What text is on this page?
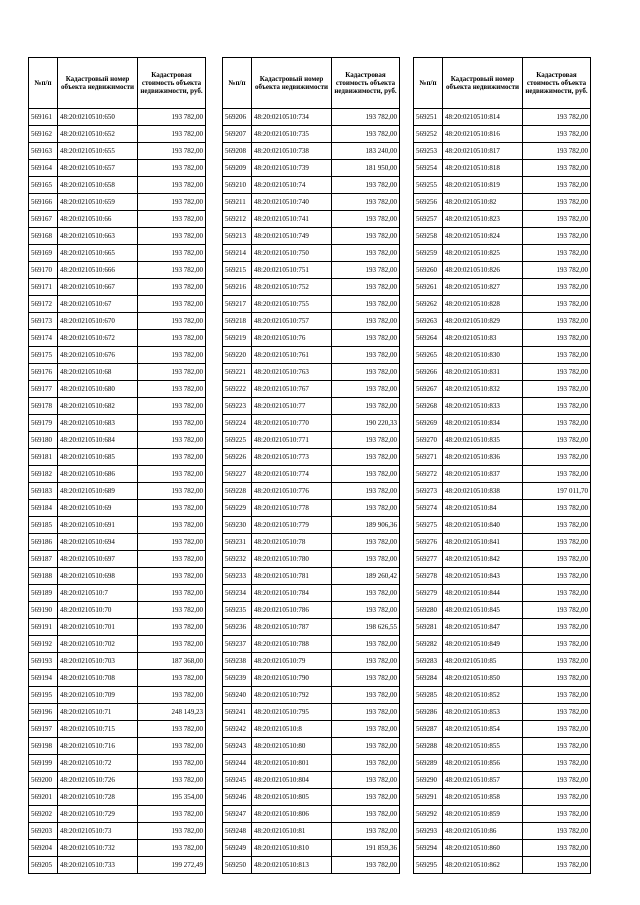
№п/п	Кадастровый номер объекта недвижимости	Кадастровая стоимость объекта недвижимости, руб.
569161	48:20:0210510:650	193 782,00
569162	48:20:0210510:652	193 782,00
569163	48:20:0210510:655	193 782,00
569164	48:20:0210510:657	193 782,00
569165	48:20:0210510:658	193 782,00
569166	48:20:0210510:659	193 782,00
569167	48:20:0210510:66	193 782,00
569168	48:20:0210510:663	193 782,00
569169	48:20:0210510:665	193 782,00
569170	48:20:0210510:666	193 782,00
569171	48:20:0210510:667	193 782,00
569172	48:20:0210510:67	193 782,00
569173	48:20:0210510:670	193 782,00
569174	48:20:0210510:672	193 782,00
569175	48:20:0210510:676	193 782,00
569176	48:20:0210510:68	193 782,00
569177	48:20:0210510:680	193 782,00
569178	48:20:0210510:682	193 782,00
569179	48:20:0210510:683	193 782,00
569180	48:20:0210510:684	193 782,00
569181	48:20:0210510:685	193 782,00
569182	48:20:0210510:686	193 782,00
569183	48:20:0210510:689	193 782,00
569184	48:20:0210510:69	193 782,00
569185	48:20:0210510:691	193 782,00
569186	48:20:0210510:694	193 782,00
569187	48:20:0210510:697	193 782,00
569188	48:20:0210510:698	193 782,00
569189	48:20:0210510:7	193 782,00
569190	48:20:0210510:70	193 782,00
569191	48:20:0210510:701	193 782,00
569192	48:20:0210510:702	193 782,00
569193	48:20:0210510:703	187 368,00
569194	48:20:0210510:708	193 782,00
569195	48:20:0210510:709	193 782,00
569196	48:20:0210510:71	248 149,23
569197	48:20:0210510:715	193 782,00
569198	48:20:0210510:716	193 782,00
569199	48:20:0210510:72	193 782,00
569200	48:20:0210510:726	193 782,00
569201	48:20:0210510:728	195 354,00
569202	48:20:0210510:729	193 782,00
569203	48:20:0210510:73	193 782,00
569204	48:20:0210510:732	193 782,00
569205	48:20:0210510:733	199 272,49
№п/п	Кадастровый номер объекта недвижимости	Кадастровая стоимость объекта недвижимости, руб.
569206	48:20:0210510:734	193 782,00
569207	48:20:0210510:735	193 782,00
569208	48:20:0210510:738	183 240,00
569209	48:20:0210510:739	181 950,00
569210	48:20:0210510:74	193 782,00
569211	48:20:0210510:740	193 782,00
569212	48:20:0210510:741	193 782,00
569213	48:20:0210510:749	193 782,00
569214	48:20:0210510:750	193 782,00
569215	48:20:0210510:751	193 782,00
569216	48:20:0210510:752	193 782,00
569217	48:20:0210510:755	193 782,00
569218	48:20:0210510:757	193 782,00
569219	48:20:0210510:76	193 782,00
569220	48:20:0210510:761	193 782,00
569221	48:20:0210510:763	193 782,00
569222	48:20:0210510:767	193 782,00
569223	48:20:0210510:77	193 782,00
569224	48:20:0210510:770	190 220,33
569225	48:20:0210510:771	193 782,00
569226	48:20:0210510:773	193 782,00
569227	48:20:0210510:774	193 782,00
569228	48:20:0210510:776	193 782,00
569229	48:20:0210510:778	193 782,00
569230	48:20:0210510:779	189 906,36
569231	48:20:0210510:78	193 782,00
569232	48:20:0210510:780	193 782,00
569233	48:20:0210510:781	189 260,42
569234	48:20:0210510:784	193 782,00
569235	48:20:0210510:786	193 782,00
569236	48:20:0210510:787	198 626,55
569237	48:20:0210510:788	193 782,00
569238	48:20:0210510:79	193 782,00
569239	48:20:0210510:790	193 782,00
569240	48:20:0210510:792	193 782,00
569241	48:20:0210510:795	193 782,00
569242	48:20:0210510:8	193 782,00
569243	48:20:0210510:80	193 782,00
569244	48:20:0210510:801	193 782,00
569245	48:20:0210510:804	193 782,00
569246	48:20:0210510:805	193 782,00
569247	48:20:0210510:806	193 782,00
569248	48:20:0210510:81	193 782,00
569249	48:20:0210510:810	191 859,36
569250	48:20:0210510:813	193 782,00
№п/п	Кадастровый номер объекта недвижимости	Кадастровая стоимость объекта недвижимости, руб.
569251	48:20:0210510:814	193 782,00
569252	48:20:0210510:816	193 782,00
569253	48:20:0210510:817	193 782,00
569254	48:20:0210510:818	193 782,00
569255	48:20:0210510:819	193 782,00
569256	48:20:0210510:82	193 782,00
569257	48:20:0210510:823	193 782,00
569258	48:20:0210510:824	193 782,00
569259	48:20:0210510:825	193 782,00
569260	48:20:0210510:826	193 782,00
569261	48:20:0210510:827	193 782,00
569262	48:20:0210510:828	193 782,00
569263	48:20:0210510:829	193 782,00
569264	48:20:0210510:83	193 782,00
569265	48:20:0210510:830	193 782,00
569266	48:20:0210510:831	193 782,00
569267	48:20:0210510:832	193 782,00
569268	48:20:0210510:833	193 782,00
569269	48:20:0210510:834	193 782,00
569270	48:20:0210510:835	193 782,00
569271	48:20:0210510:836	193 782,00
569272	48:20:0210510:837	193 782,00
569273	48:20:0210510:838	197 011,70
569274	48:20:0210510:84	193 782,00
569275	48:20:0210510:840	193 782,00
569276	48:20:0210510:841	193 782,00
569277	48:20:0210510:842	193 782,00
569278	48:20:0210510:843	193 782,00
569279	48:20:0210510:844	193 782,00
569280	48:20:0210510:845	193 782,00
569281	48:20:0210510:847	193 782,00
569282	48:20:0210510:849	193 782,00
569283	48:20:0210510:85	193 782,00
569284	48:20:0210510:850	193 782,00
569285	48:20:0210510:852	193 782,00
569286	48:20:0210510:853	193 782,00
569287	48:20:0210510:854	193 782,00
569288	48:20:0210510:855	193 782,00
569289	48:20:0210510:856	193 782,00
569290	48:20:0210510:857	193 782,00
569291	48:20:0210510:858	193 782,00
569292	48:20:0210510:859	193 782,00
569293	48:20:0210510:86	193 782,00
569294	48:20:0210510:860	193 782,00
569295	48:20:0210510:862	193 782,00
